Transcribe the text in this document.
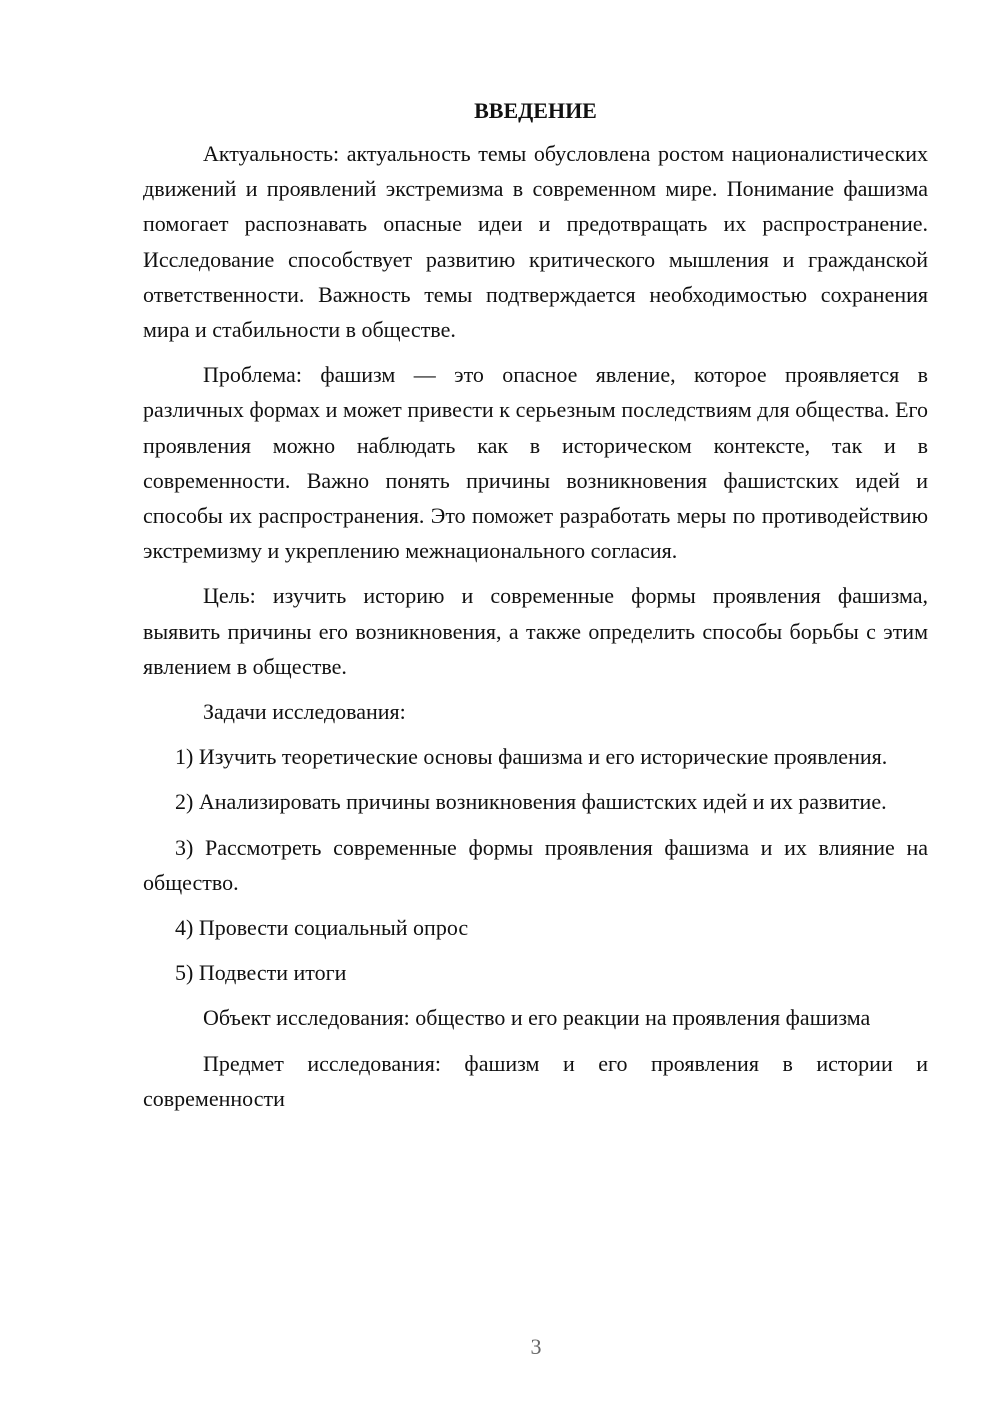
ВВЕДЕНИЕ

Актуальность: актуальность темы обусловлена ростом националистических движений и проявлений экстремизма в современном мире. Понимание фашизма помогает распознавать опасные идеи и предотвращать их распространение. Исследование способствует развитию критического мышления и гражданской ответственности. Важность темы подтверждается необходимостью сохранения мира и стабильности в обществе.

Проблема: фашизм — это опасное явление, которое проявляется в различных формах и может привести к серьезным последствиям для общества. Его проявления можно наблюдать как в историческом контексте, так и в современности. Важно понять причины возникновения фашистских идей и способы их распространения. Это поможет разработать меры по противодействию экстремизму и укреплению межнационального согласия.

Цель: изучить историю и современные формы проявления фашизма, выявить причины его возникновения, а также определить способы борьбы с этим явлением в обществе.

Задачи исследования:

1) Изучить теоретические основы фашизма и его исторические проявления.

2) Анализировать причины возникновения фашистских идей и их развитие.

3) Рассмотреть современные формы проявления фашизма и их влияние на общество.

4) Провести социальный опрос

5) Подвести итоги

Объект исследования: общество и его реакции на проявления фашизма

Предмет исследования: фашизм и его проявления в истории и современности

3
